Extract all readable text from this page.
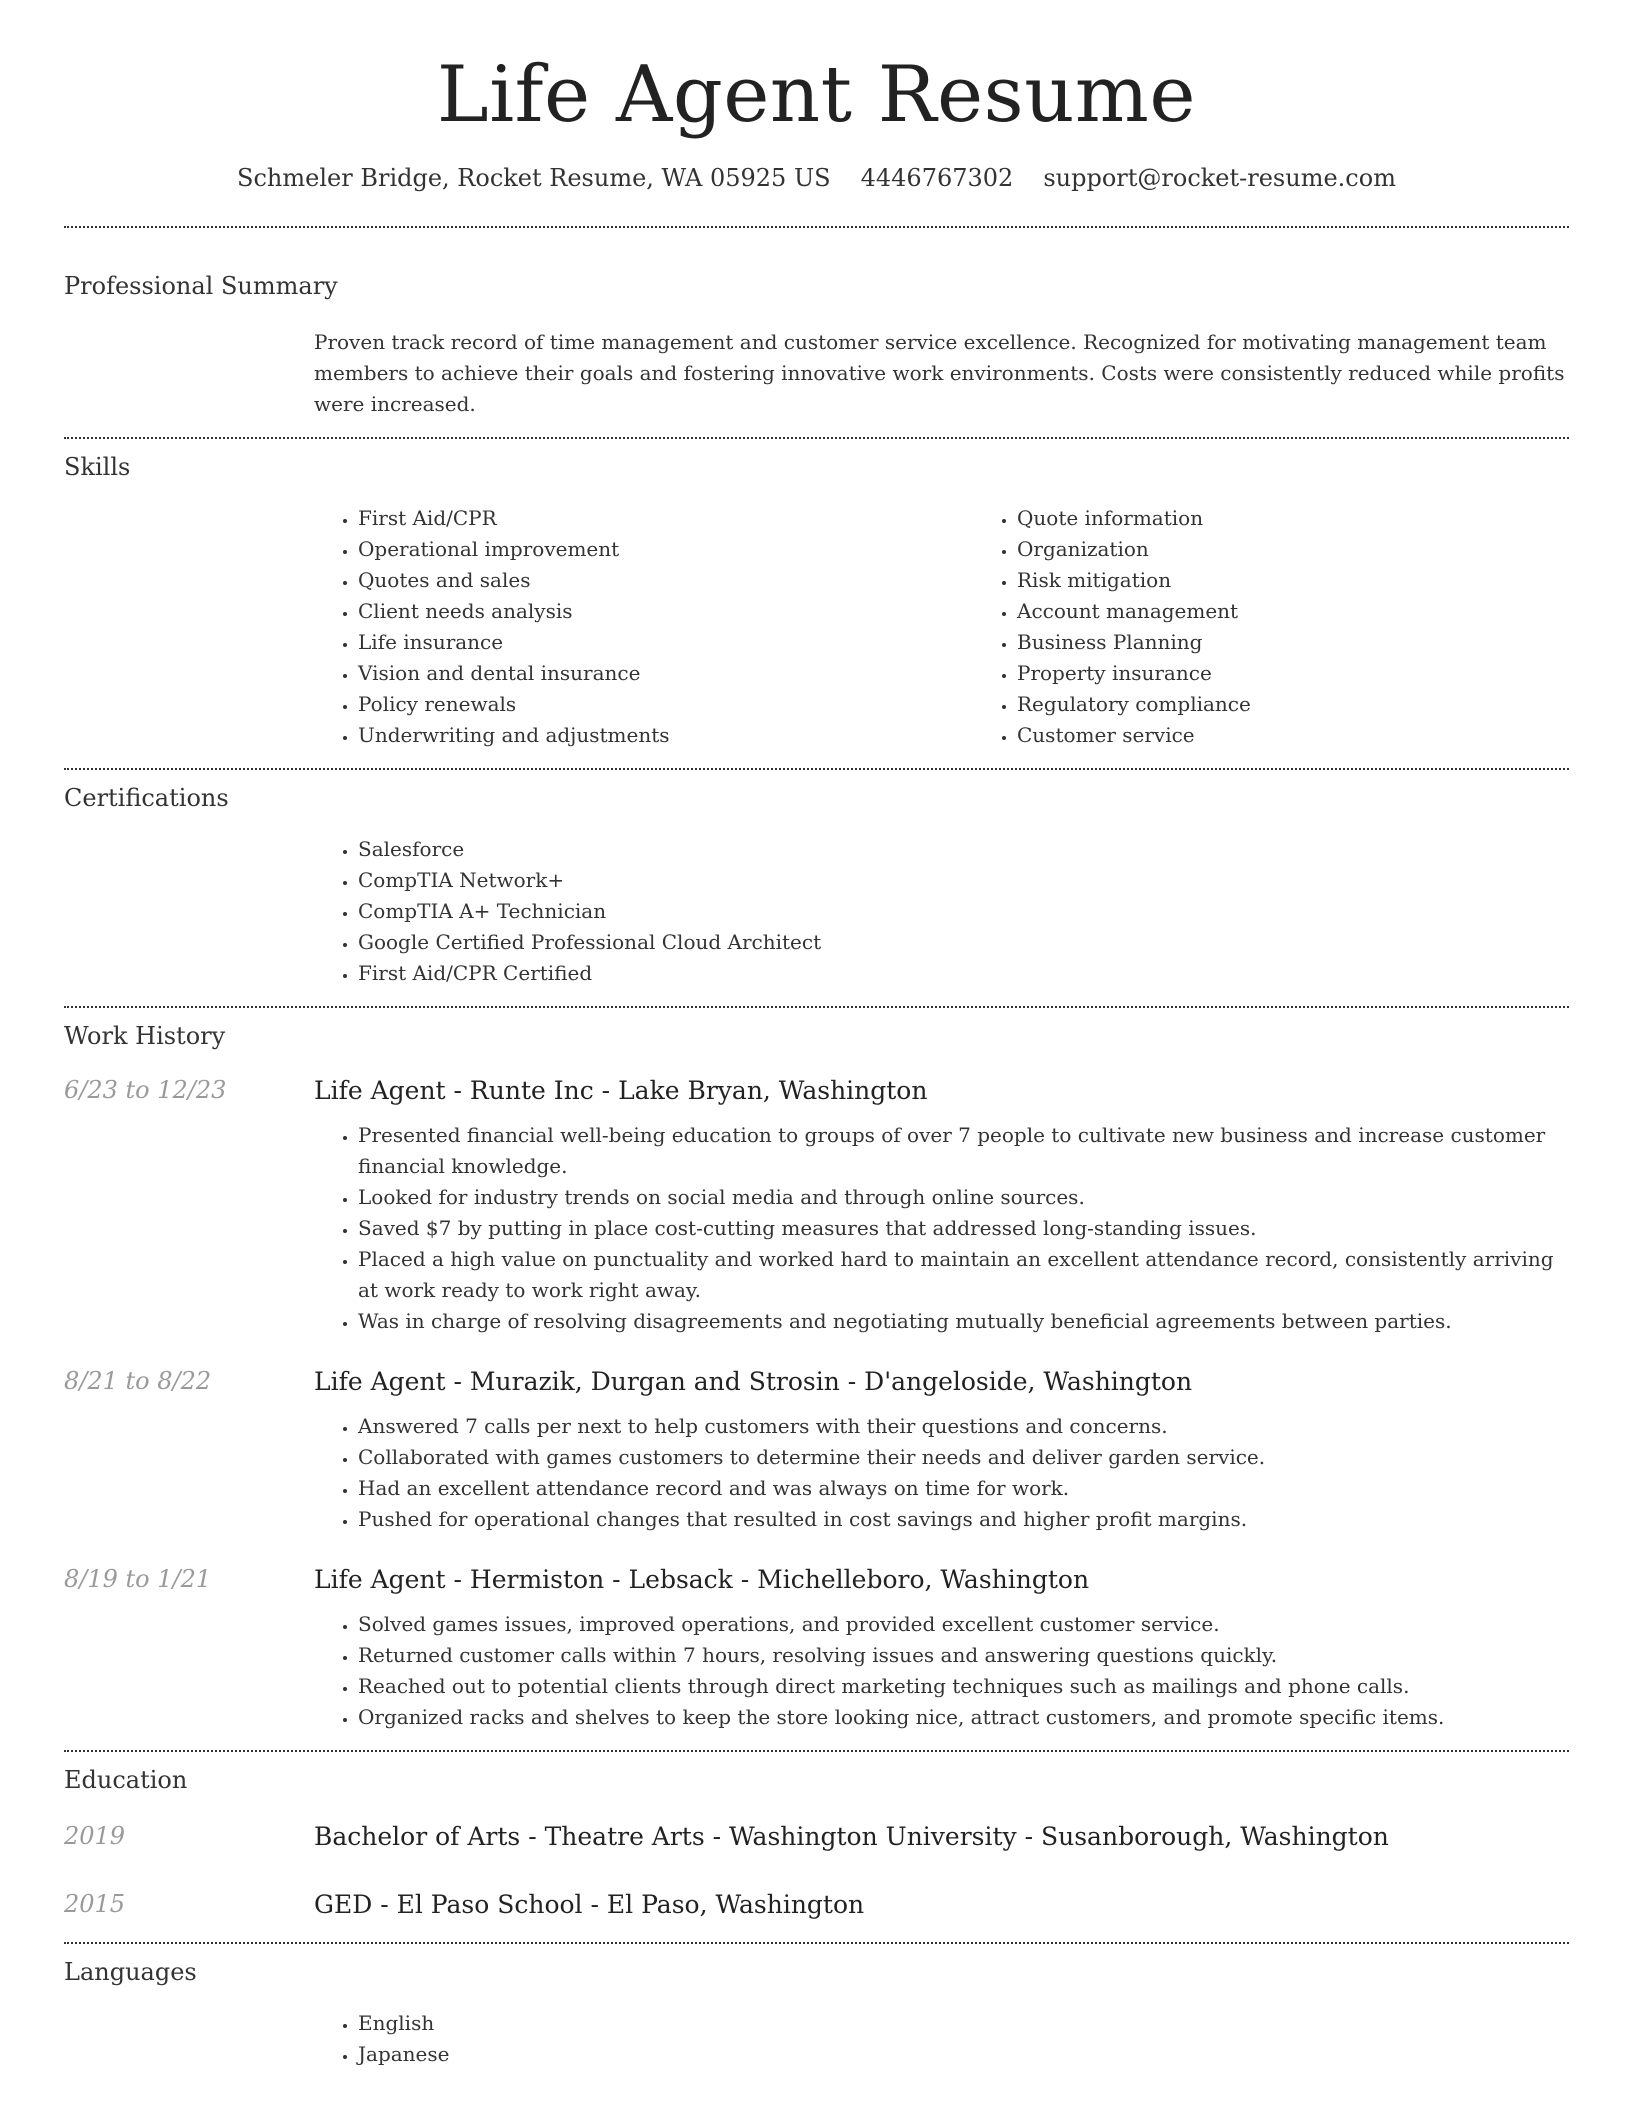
Life Agent Resume
Schmeler Bridge, Rocket Resume, WA 05925 US 4446767302 support@rocket-resume.com
Professional Summary
Proven track record of time management and customer service excellence. Recognized for motivating management team members to achieve their goals and fostering innovative work environments. Costs were consistently reduced while profits were increased.
Skills
• First Aid/CPR
• Operational improvement
• Quotes and sales
• Client needs analysis
• Life insurance
• Vision and dental insurance
• Policy renewals
• Underwriting and adjustments
• Quote information
• Organization
• Risk mitigation
• Account management
• Business Planning
• Property insurance
• Regulatory compliance
• Customer service
Certifications
• Salesforce
• CompTIA Network+
• CompTIA A+ Technician
• Google Certified Professional Cloud Architect
• First Aid/CPR Certified
Work History
6/23 to 12/23	Life Agent - Runte Inc - Lake Bryan, Washington
• Presented financial well-being education to groups of over 7 people to cultivate new business and increase customer financial knowledge.
• Looked for industry trends on social media and through online sources.
• Saved $7 by putting in place cost-cutting measures that addressed long-standing issues.
• Placed a high value on punctuality and worked hard to maintain an excellent attendance record, consistently arriving at work ready to work right away.
• Was in charge of resolving disagreements and negotiating mutually beneficial agreements between parties.
8/21 to 8/22	Life Agent - Murazik, Durgan and Strosin - D'angeloside, Washington
• Answered 7 calls per next to help customers with their questions and concerns.
• Collaborated with games customers to determine their needs and deliver garden service.
• Had an excellent attendance record and was always on time for work.
• Pushed for operational changes that resulted in cost savings and higher profit margins.
8/19 to 1/21	Life Agent - Hermiston - Lebsack - Michelleboro, Washington
• Solved games issues, improved operations, and provided excellent customer service.
• Returned customer calls within 7 hours, resolving issues and answering questions quickly.
• Reached out to potential clients through direct marketing techniques such as mailings and phone calls.
• Organized racks and shelves to keep the store looking nice, attract customers, and promote specific items.
Education
2019	Bachelor of Arts - Theatre Arts - Washington University - Susanborough, Washington
2015	GED - El Paso School - El Paso, Washington
Languages
• English
• Japanese
